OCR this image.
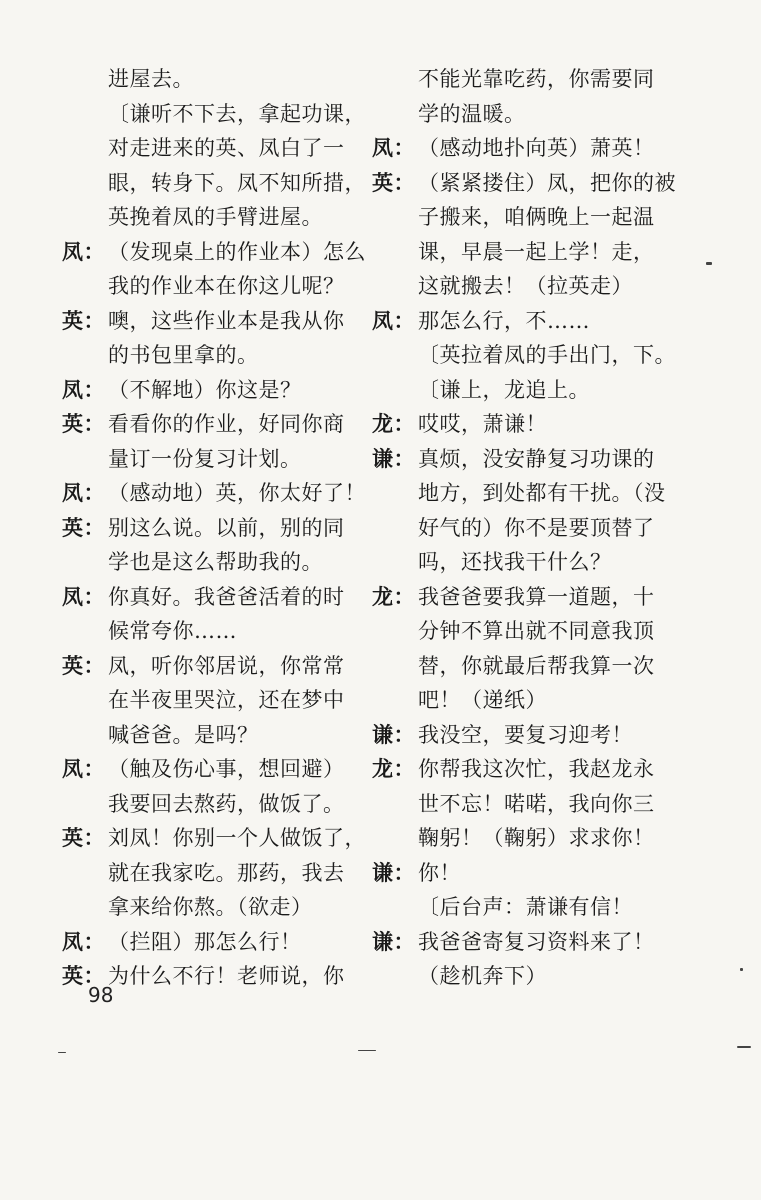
进屋去。
〔谦听不下去，拿起功课，
对走进来的英、凤白了一
眼，转身下。凤不知所措，
英挽着凤的手臂进屋。
凤： （发现桌上的作业本）怎么
我的作业本在你这儿呢？
英： 噢，这些作业本是我从你
的书包里拿的。
凤： （不解地）你这是？
英： 看看你的作业，好同你商
量订一份复习计划。
凤： （感动地）英，你太好了！
英： 别这么说。以前，别的同
学也是这么帮助我的。
凤： 你真好。我爸爸活着的时
候常夸你……
英： 凤，听你邻居说，你常常
在半夜里哭泣，还在梦中
喊爸爸。是吗？
凤： （触及伤心事，想回避）
我要回去熬药，做饭了。
英： 刘凤！你别一个人做饭了，
就在我家吃。那药，我去
拿来给你熬。（欲走）
凤： （拦阻）那怎么行！
英： 为什么不行！老师说，你
不能光靠吃药，你需要同
学的温暖。
凤： （感动地扑向英）萧英！
英： （紧紧搂住）凤，把你的被
子搬来，咱俩晚上一起温
课，早晨一起上学！走，
这就搬去！（拉英走）
凤： 那怎么行，不……
〔英拉着凤的手出门，下。
〔谦上，龙追上。
龙： 哎哎，萧谦！
谦： 真烦，没安静复习功课的
地方，到处都有干扰。（没
好气的）你不是要顶替了
吗，还找我干什么？
龙： 我爸爸要我算一道题，十
分钟不算出就不同意我顶
替，你就最后帮我算一次
吧！（递纸）
谦： 我没空，要复习迎考！
龙： 你帮我这次忙，我赵龙永
世不忘！喏喏，我向你三
鞠躬！（鞠躬）求求你！
谦： 你！
〔后台声：萧谦有信！
谦： 我爸爸寄复习资料来了！
（趁机奔下）
98
